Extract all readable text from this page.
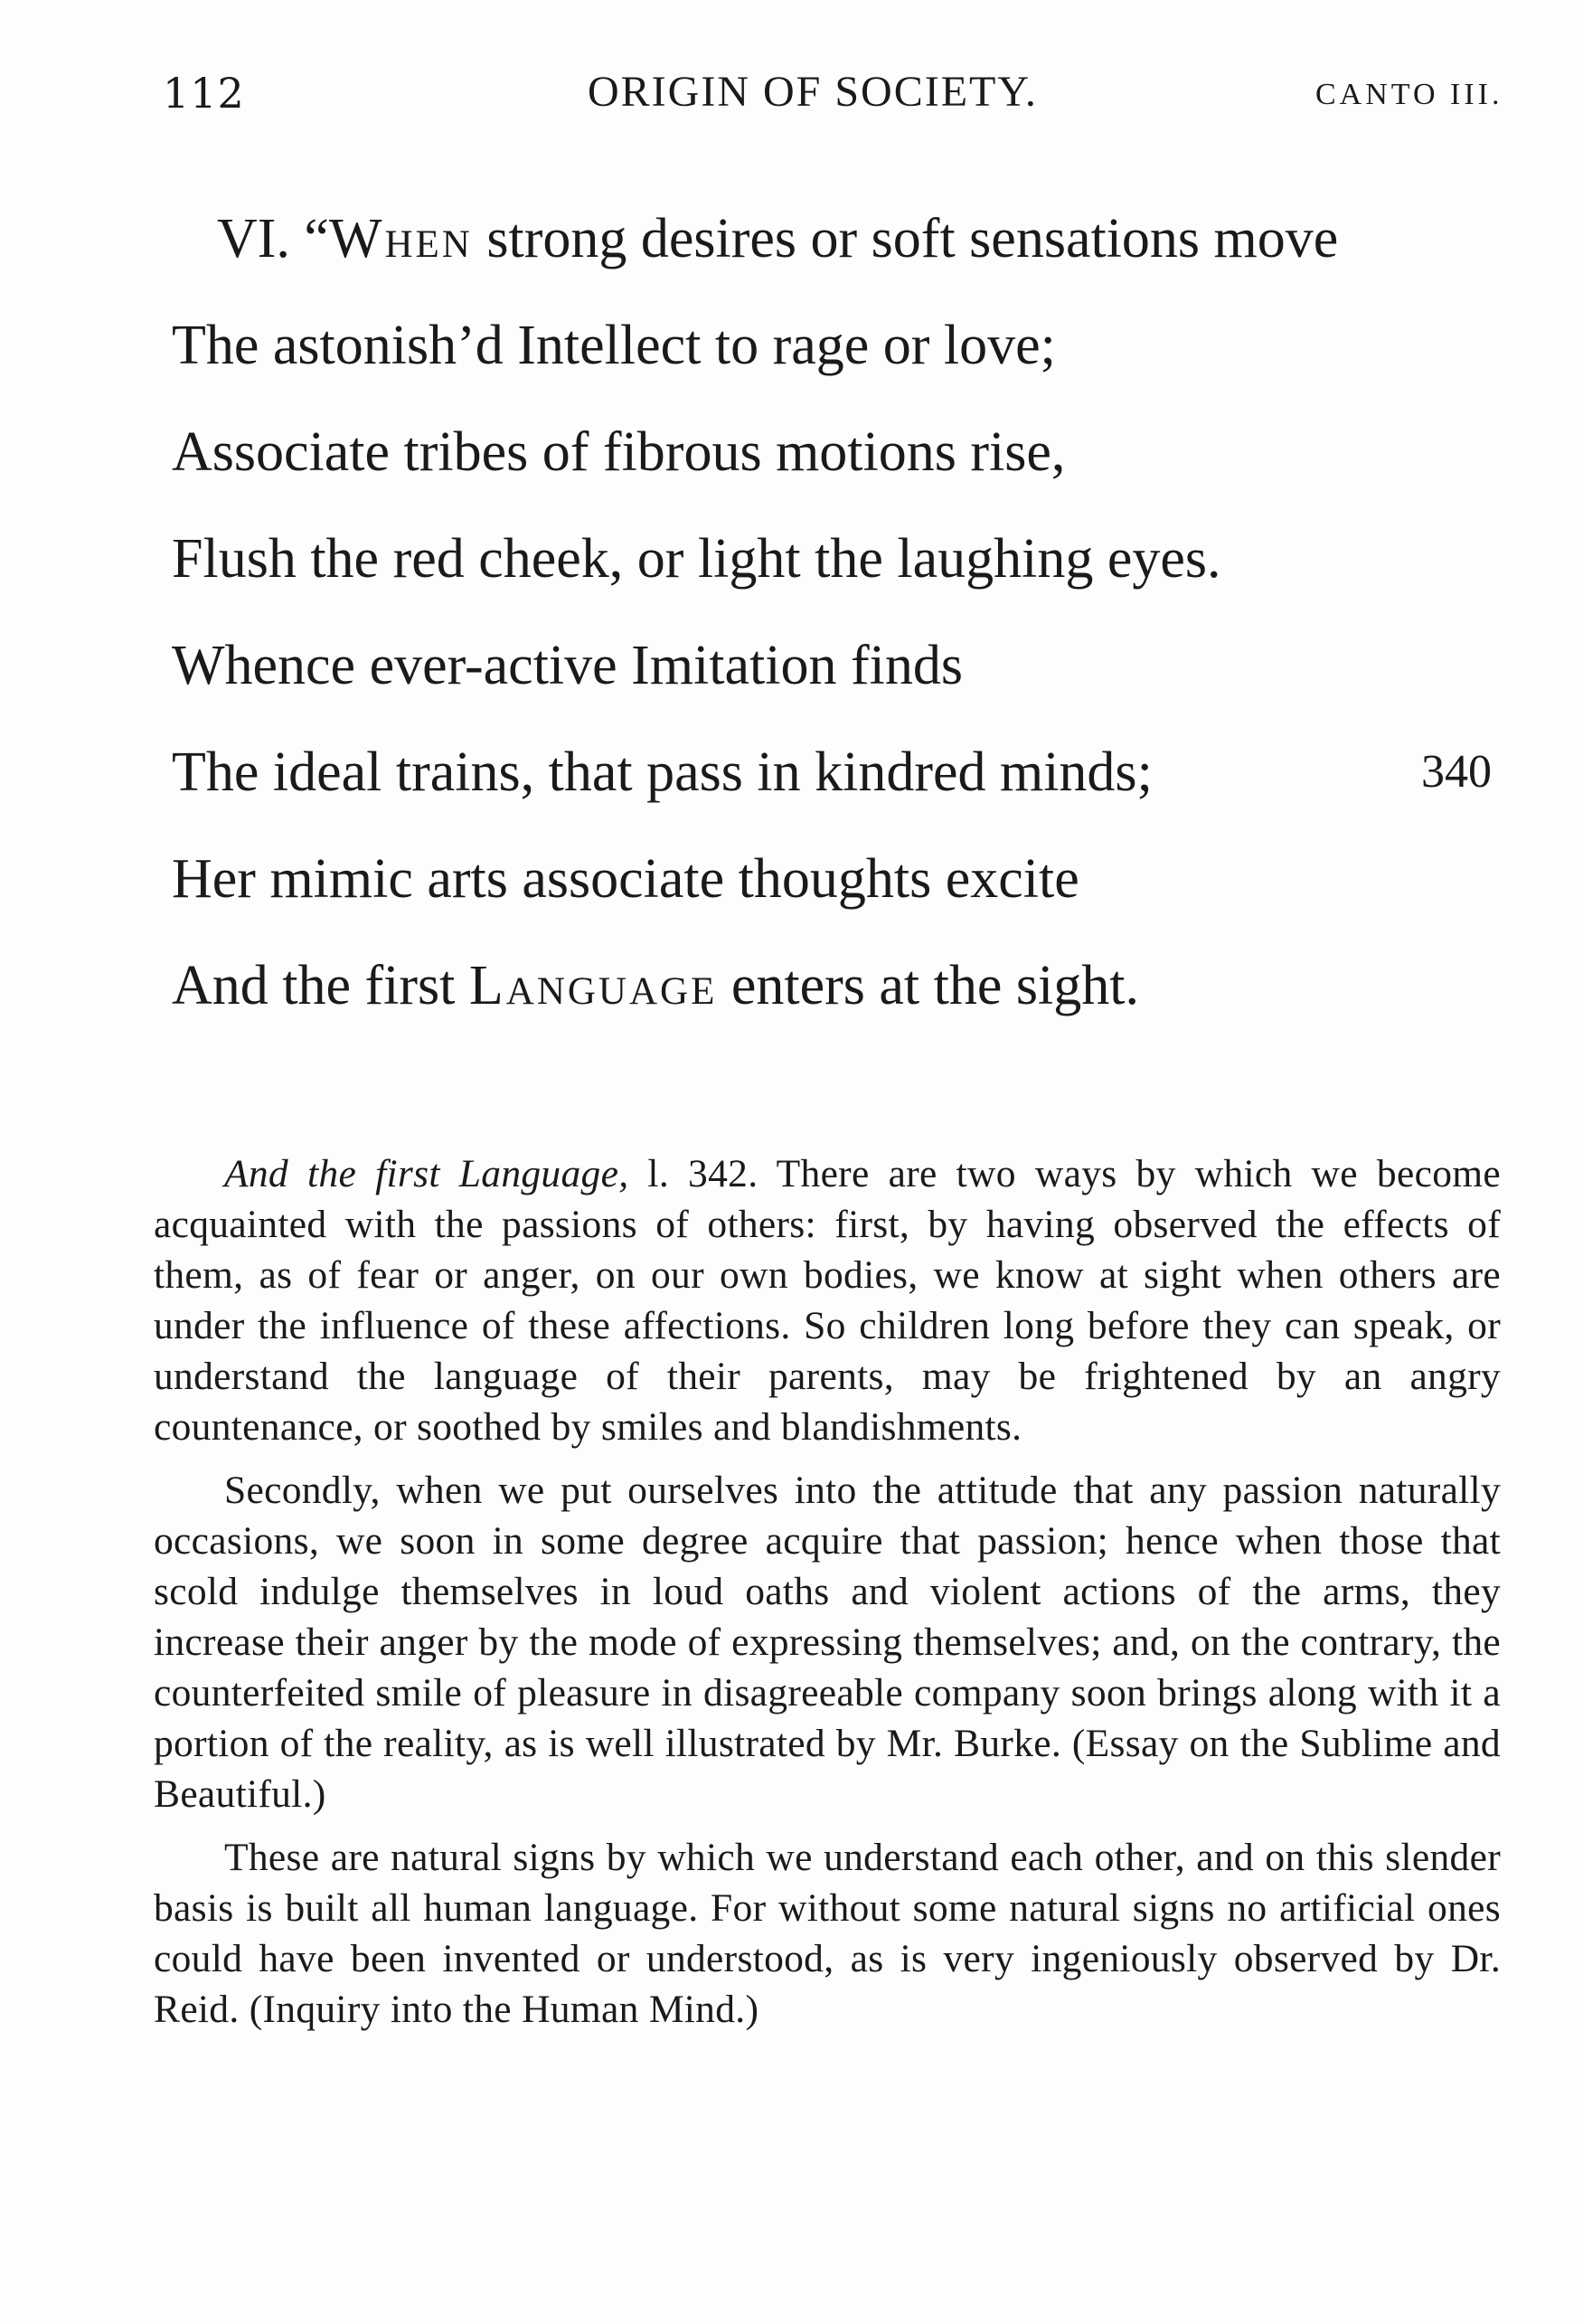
112	ORIGIN OF SOCIETY.	CANTO III.
VI. “When strong desires or soft sensations move
The astonish’d Intellect to rage or love;
Associate tribes of fibrous motions rise,
Flush the red cheek, or light the laughing eyes.
Whence ever-active Imitation finds
The ideal trains, that pass in kindred minds;	340
Her mimic arts associate thoughts excite
And the first Language enters at the sight.

And the first Language, l. 342. There are two ways by which we become acquainted with the passions of others: first, by having observed the effects of them, as of fear or anger, on our own bodies, we know at sight when others are under the influence of these affections. So children long before they can speak, or understand the language of their parents, may be frightened by an angry countenance, or soothed by smiles and blandishments.

Secondly, when we put ourselves into the attitude that any passion naturally occasions, we soon in some degree acquire that passion; hence when those that scold indulge themselves in loud oaths and violent actions of the arms, they increase their anger by the mode of expressing themselves; and, on the contrary, the counterfeited smile of pleasure in disagreeable company soon brings along with it a portion of the reality, as is well illustrated by Mr. Burke. (Essay on the Sublime and Beautiful.)

These are natural signs by which we understand each other, and on this slender basis is built all human language. For without some natural signs no artificial ones could have been invented or understood, as is very ingeniously observed by Dr. Reid. (Inquiry into the Human Mind.)
